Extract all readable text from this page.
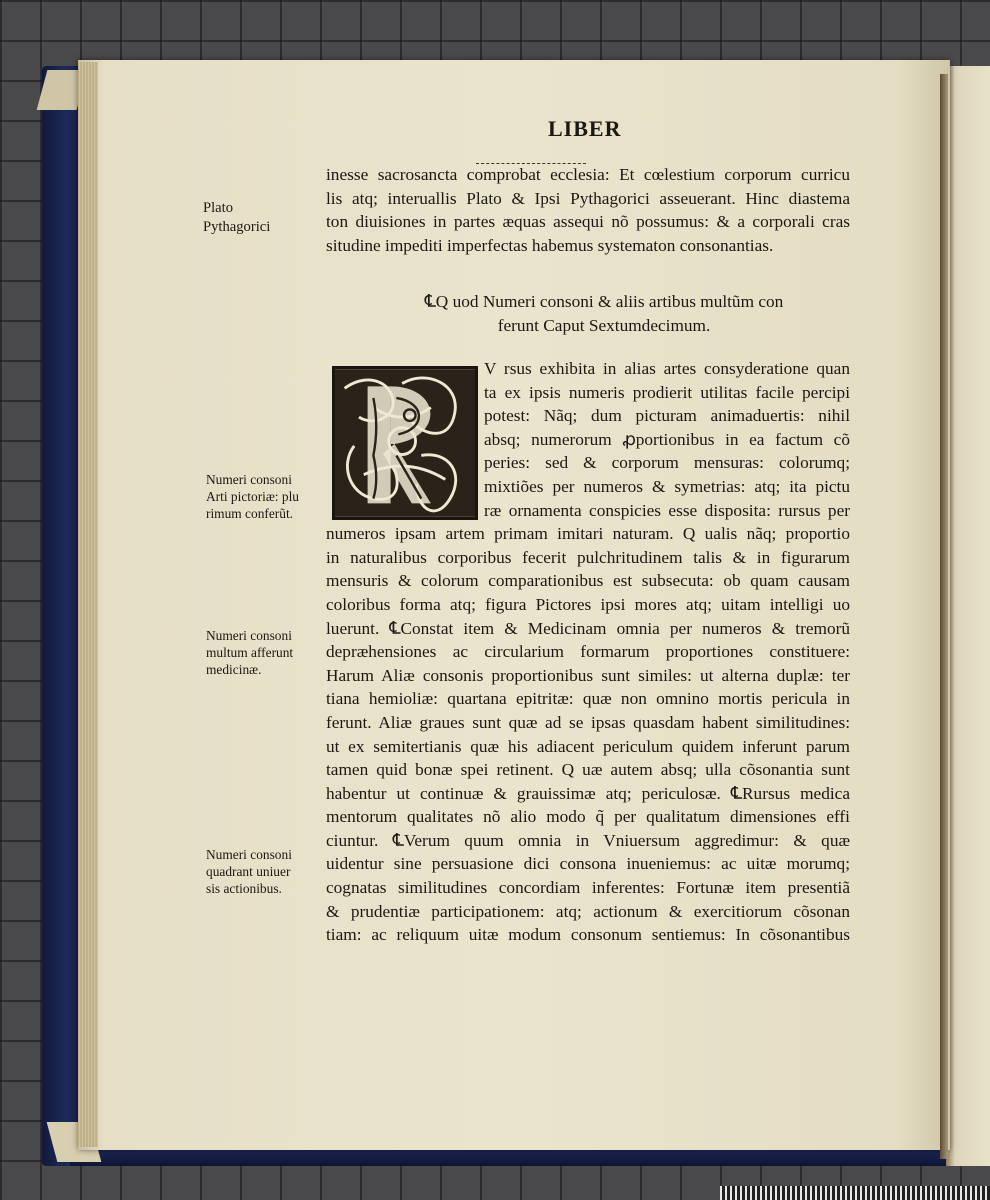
LIBER
inesse sacrosancta comprobat ecclesia: Et cœlestium corporum curricu
lis atq; interuallis Plato & Ipsi Pythagorici asseuerant. Hinc diastema
ton diuisiones in partes æquas assequi nõ possumus: & a corporali cras
situdine impediti imperfectas habemus systematon consonantias.
℄Q uod Numeri consoni & aliis artibus multũm con
ferunt Caput Sextumdecimum.
V rsus exhibita in alias artes consyderatione quan
ta ex ipsis numeris prodierit utilitas facile percipi
potest: Nãq; dum picturam animaduertis: nihil
absq; numerorum ꝓportionibus in ea factum cõ
peries: sed & corporum mensuras: colorumq;
mixtiões per numeros & symetrias: atq; ita pictu
ræ ornamenta conspicies esse disposita: rursus per
numeros ipsam artem primam imitari naturam. Q ualis nãq; proportio
in naturalibus corporibus fecerit pulchritudinem talis & in figurarum
mensuris & colorum comparationibus est subsecuta: ob quam causam
coloribus forma atq; figura Pictores ipsi mores atq; uitam intelligi uo
luerunt. ℄Constat item & Medicinam omnia per numeros & tremorũ
depræhensiones ac circularium formarum proportiones constituere:
Harum Aliæ consonis proportionibus sunt similes: ut alterna duplæ: ter
tiana hemioliæ: quartana epitritæ: quæ non omnino mortis pericula in
ferunt. Aliæ graues sunt quæ ad se ipsas quasdam habent similitudines:
ut ex semitertianis quæ his adiacent periculum quidem inferunt parum
tamen quid bonæ spei retinent. Q uæ autem absq; ulla cõsonantia sunt
habentur ut continuæ & grauissimæ atq; periculosæ. ℄Rursus medica
mentorum qualitates nõ alio modo q̃ per qualitatum dimensiones effi
ciuntur. ℄Verum quum omnia in Vniuersum aggredimur: & quæ
uidentur sine persuasione dici consona inueniemus: ac uitæ morumq;
cognatas similitudines concordiam inferentes: Fortunæ item presentiã
& prudentiæ participationem: atq; actionum & exercitiorum cõsonan
tiam: ac reliquum uitæ modum consonum sentiemus: In cõsonantibus
Plato
Pythagorici
Numeri consoni
Arti pictoriæ: plu
rimum conferũt.
Numeri consoni
multum afferunt
medicinæ.
Numeri consoni
quadrant uniuer
sis actionibus.
